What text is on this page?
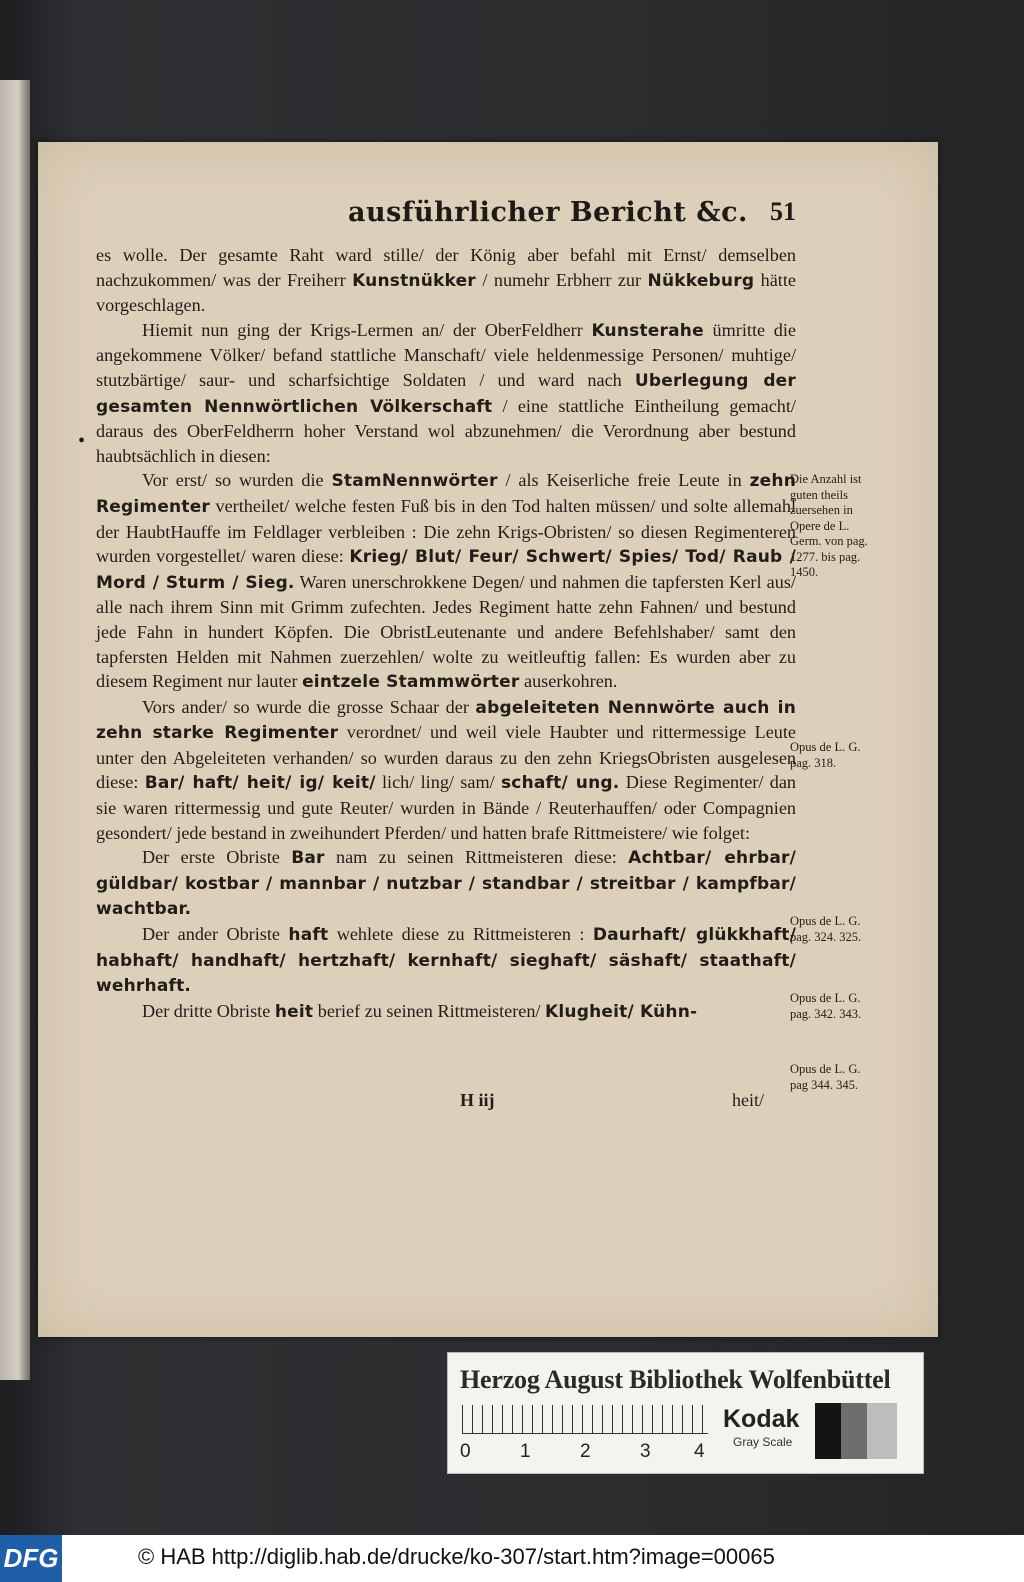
ausführlicher Bericht &c. 51
•

es wolle. Der gesamte Raht ward stille/ der König aber befahl mit Ernst/ demselben nachzukommen/ was der Freiherr Kunstnükker / numehr Erbherr zur Nükkeburg hätte vorgeschlagen.

Hiemit nun ging der Krigs-Lermen an/ der OberFeldherr Kunsterahe ümritte die angekommene Völker/ befand stattliche Manschaft/ viele heldenmessige Personen/ muhtige/ stutzbärtige/ saur- und scharfsichtige Soldaten / und ward nach Uberlegung der gesamten Nennwörtlichen Völkerschaft / eine stattliche Eintheilung gemacht/ daraus des OberFeldherrn hoher Verstand wol abzunehmen/ die Verordnung aber bestund haubtsächlich in diesen:

Vor erst/ so wurden die StamNennwörter / als Keiserliche freie Leute in zehn Regimenter vertheilet/ welche festen Fuß bis in den Tod halten müssen/ und solte allemahl der HaubtHauffe im Feldlager verbleiben : Die zehn Krigs-Obristen/ so diesen Regimenteren wurden vorgestellet/ waren diese: Krieg/ Blut/ Feur/ Schwert/ Spies/ Tod/ Raub / Mord / Sturm / Sieg. Waren unerschrokkene Degen/ und nahmen die tapfersten Kerl aus/ alle nach ihrem Sinn mit Grimm zufechten. Jedes Regiment hatte zehn Fahnen/ und bestund jede Fahn in hundert Köpfen. Die ObristLeutenante und andere Befehlshaber/ samt den tapfersten Helden mit Nahmen zuerzehlen/ wolte zu weitleuftig fallen: Es wurden aber zu diesem Regiment nur lauter eintzele Stammwörter auserkohren.

Vors ander/ so wurde die grosse Schaar der abgeleiteten Nennwörte auch in zehn starke Regimenter verordnet/ und weil viele Haubter und rittermessige Leute unter den Abgeleiteten verhanden/ so wurden daraus zu den zehn KriegsObristen ausgelesen diese: Bar/ haft/ heit/ ig/ keit/ lich/ ling/ sam/ schaft/ ung. Diese Regimenter/ dan sie waren rittermessig und gute Reuter/ wurden in Bände / Reuterhauffen/ oder Compagnien gesondert/ jede bestand in zweihundert Pferden/ und hatten brafe Rittmeistere/ wie folget:

Der erste Obriste Bar nam zu seinen Rittmeisteren diese: Achtbar/ ehrbar/ güldbar/ kostbar / mannbar / nutzbar / standbar / streitbar / kampfbar/ wachtbar.

Der ander Obriste haft wehlete diese zu Rittmeisteren : Daurhaft/ glükkhaft/ habhaft/ handhaft/ hertzhaft/ kernhaft/ sieghaft/ säshaft/ staathaft/ wehrhaft.

Der dritte Obriste heit berief zu seinen Rittmeisteren/ Klugheit/ Kühn-

Die Anzahl ist guten theils zuersehen in Opere de L. Germ. von pag. 1277. bis pag. 1450.
Opus de L. G. pag. 318.
Opus de L. G. pag. 324. 325.
Opus de L. G. pag. 342. 343.
Opus de L. G. pag 344. 345.
H iij	heit/
Herzog August Bibliothek Wolfenbüttel
0	1	2	3 4
Kodak
Gray Scale
DFG	© HAB http://diglib.hab.de/drucke/ko-307/start.htm?image=00065
